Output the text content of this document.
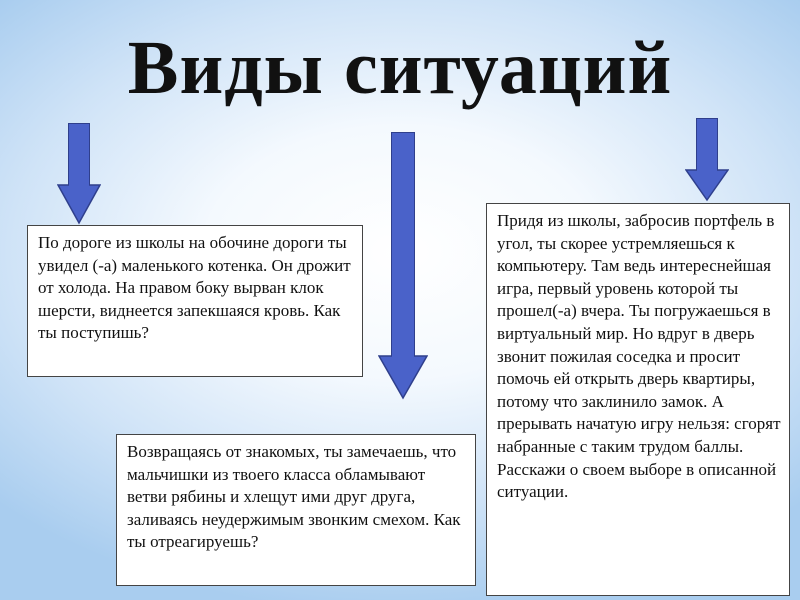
Виды ситуаций

По дороге из школы на обочине дороги ты увидел (-а) маленького котенка. Он дрожит от холода. На правом боку вырван клок шерсти, виднеется запекшаяся кровь. Как ты поступишь?

Возвращаясь от знакомых, ты замечаешь, что мальчишки из твоего класса обламывают ветви рябины и хлещут ими друг друга, заливаясь неудержимым звонким смехом. Как ты отреагируешь?

Придя из школы, забросив портфель в угол, ты скорее устремляешься к компьютеру. Там ведь интереснейшая игра, первый уровень которой ты прошел(-а) вчера. Ты погружаешься в виртуальный мир. Но вдруг в дверь звонит пожилая соседка и просит помочь ей открыть дверь квартиры, потому что заклинило замок. А прерывать начатую игру нельзя: сгорят набранные с таким трудом баллы. Расскажи о своем выборе в описанной ситуации.
